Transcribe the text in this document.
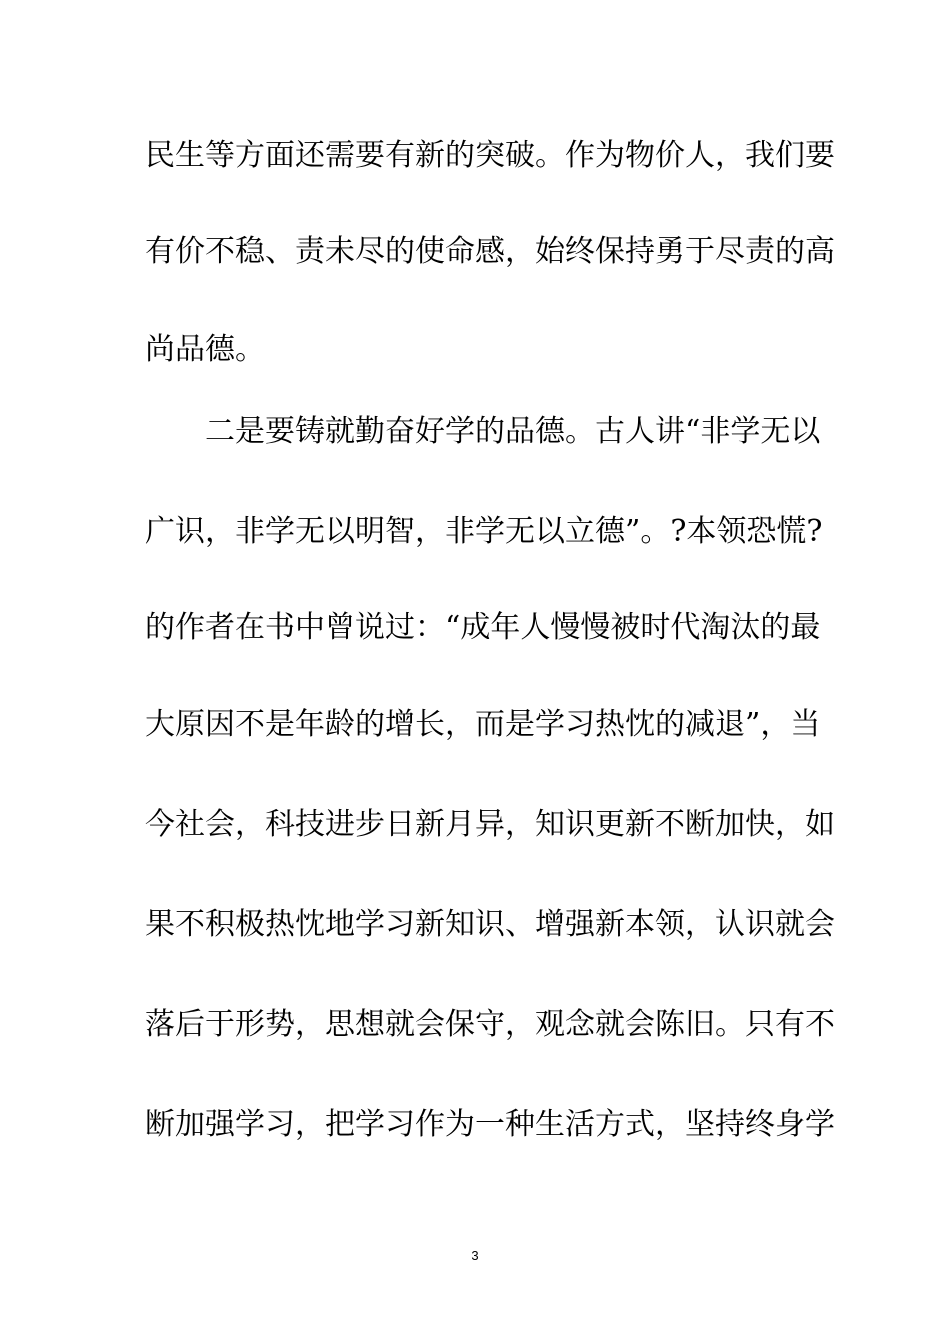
民生等方面还需要有新的突破。作为物价人，我们要
有价不稳、责未尽的使命感，始终保持勇于尽责的高
尚品德。
二是要铸就勤奋好学的品德。古人讲“非学无以
广识，非学无以明智，非学无以立德”。?本领恐慌?
的作者在书中曾说过：“成年人慢慢被时代淘汰的最
大原因不是年龄的增长，而是学习热忱的减退”，当
今社会，科技进步日新月异，知识更新不断加快，如
果不积极热忱地学习新知识、增强新本领，认识就会
落后于形势，思想就会保守，观念就会陈旧。只有不
断加强学习，把学习作为一种生活方式，坚持终身学
3
